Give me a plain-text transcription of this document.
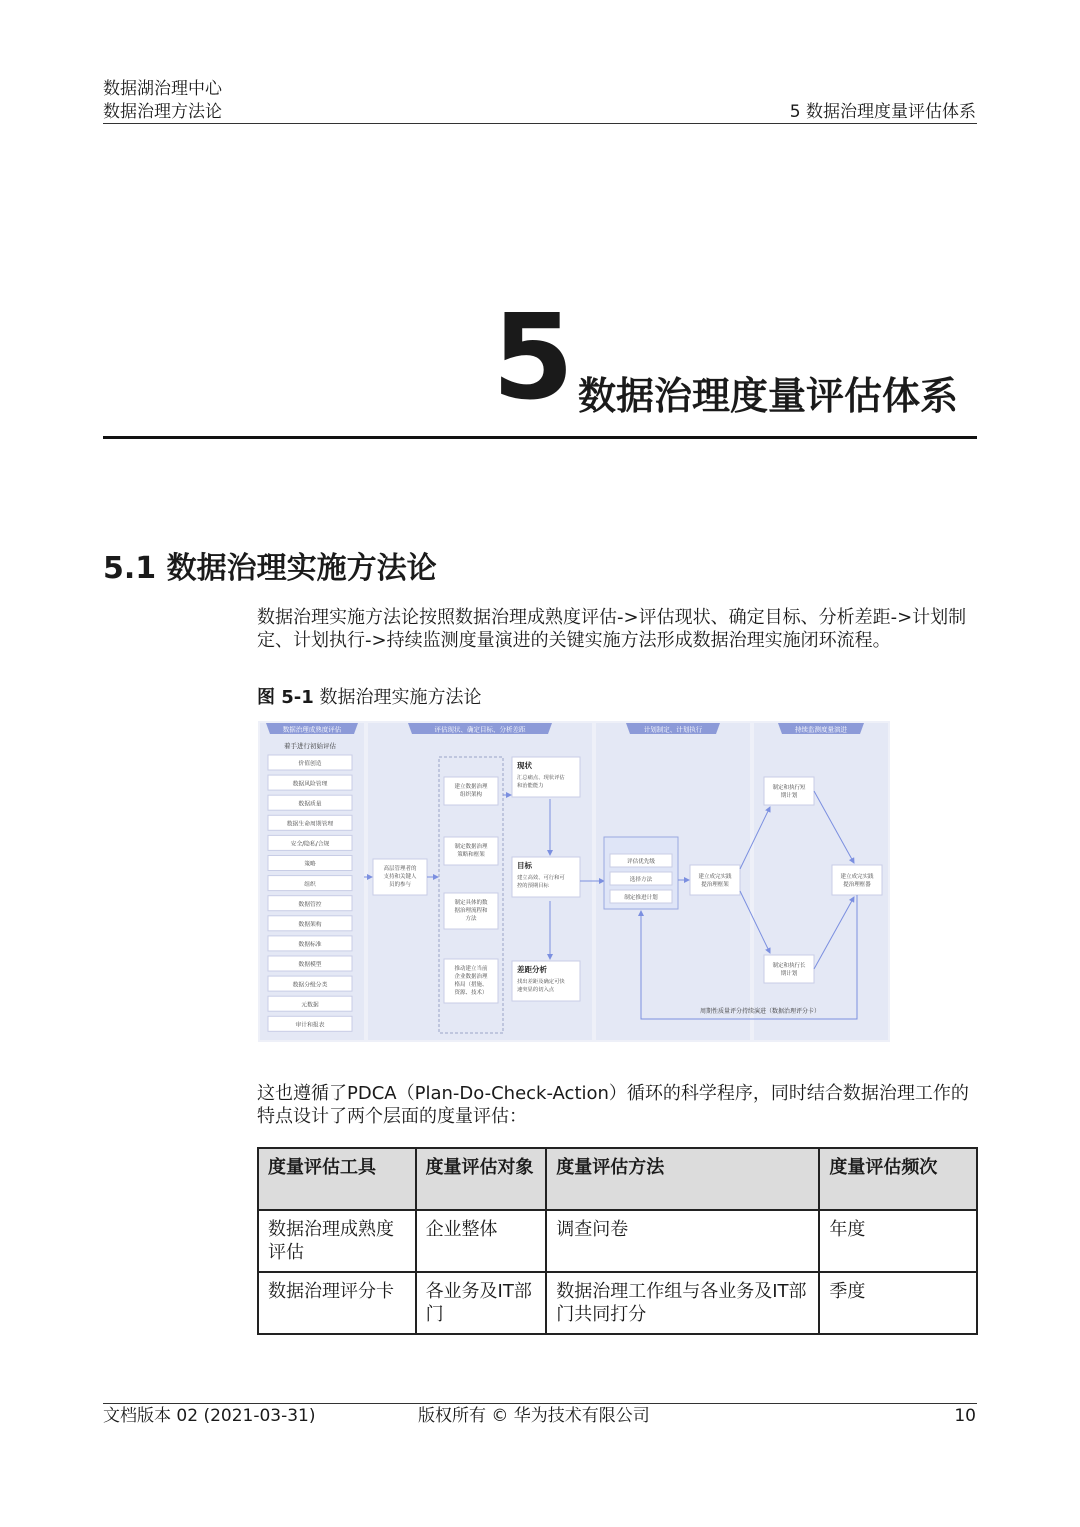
数据湖治理中心
数据治理方法论	5 数据治理度量评估体系
5 数据治理度量评估体系
5.1 数据治理实施方法论
数据治理实施方法论按照数据治理成熟度评估->评估现状、确定目标、分析差距->计划制定、计划执行->持续监测度量演进的关键实施方法形成数据治理实施闭环流程。
图 5-1 数据治理实施方法论
数据治理成熟度评估	评估现状、确定目标、分析差距	计划制定、计划执行	持续监测度量演进
着手进行初始评估
价值创造
数据风险管理
数据质量
数据生命周期管理
安全/隐私/合规
策略
组织
数据管控
数据架构
数据标准
数据模型
数据分级分类
元数据
审计和报表
高层管理者的
支持和关键人
员的参与
建立数据治理
组织架构
制定数据治理
策略和框架
制定具体的数
据治理流程和
方法
推动建立当前
企业数据治理
格局（措施、
资源、技术）
现状
汇总痛点、现状评估
和治能能力
目标
建立高效、可行和可
控的预期目标
差距分析
找出差距及确定可快
速突显的切入点
评估优先级
选择方法
制定推进计划
建立成完实践
提治理框架
制定和执行短
期计划
制定和执行长
期计划
建立成完实践
提治理框器
周期性质量评分持续演进（数据治理评分卡）
这也遵循了PDCA（Plan-Do-Check-Action）循环的科学程序，同时结合数据治理工作的特点设计了两个层面的度量评估：
度量评估工具	度量评估对象	度量评估方法	度量评估频次
数据治理成熟度评估	企业整体	调查问卷	年度
数据治理评分卡	各业务及IT部门	数据治理工作组与各业务及IT部门共同打分	季度
文档版本 02 (2021-03-31)	版权所有 © 华为技术有限公司	10
